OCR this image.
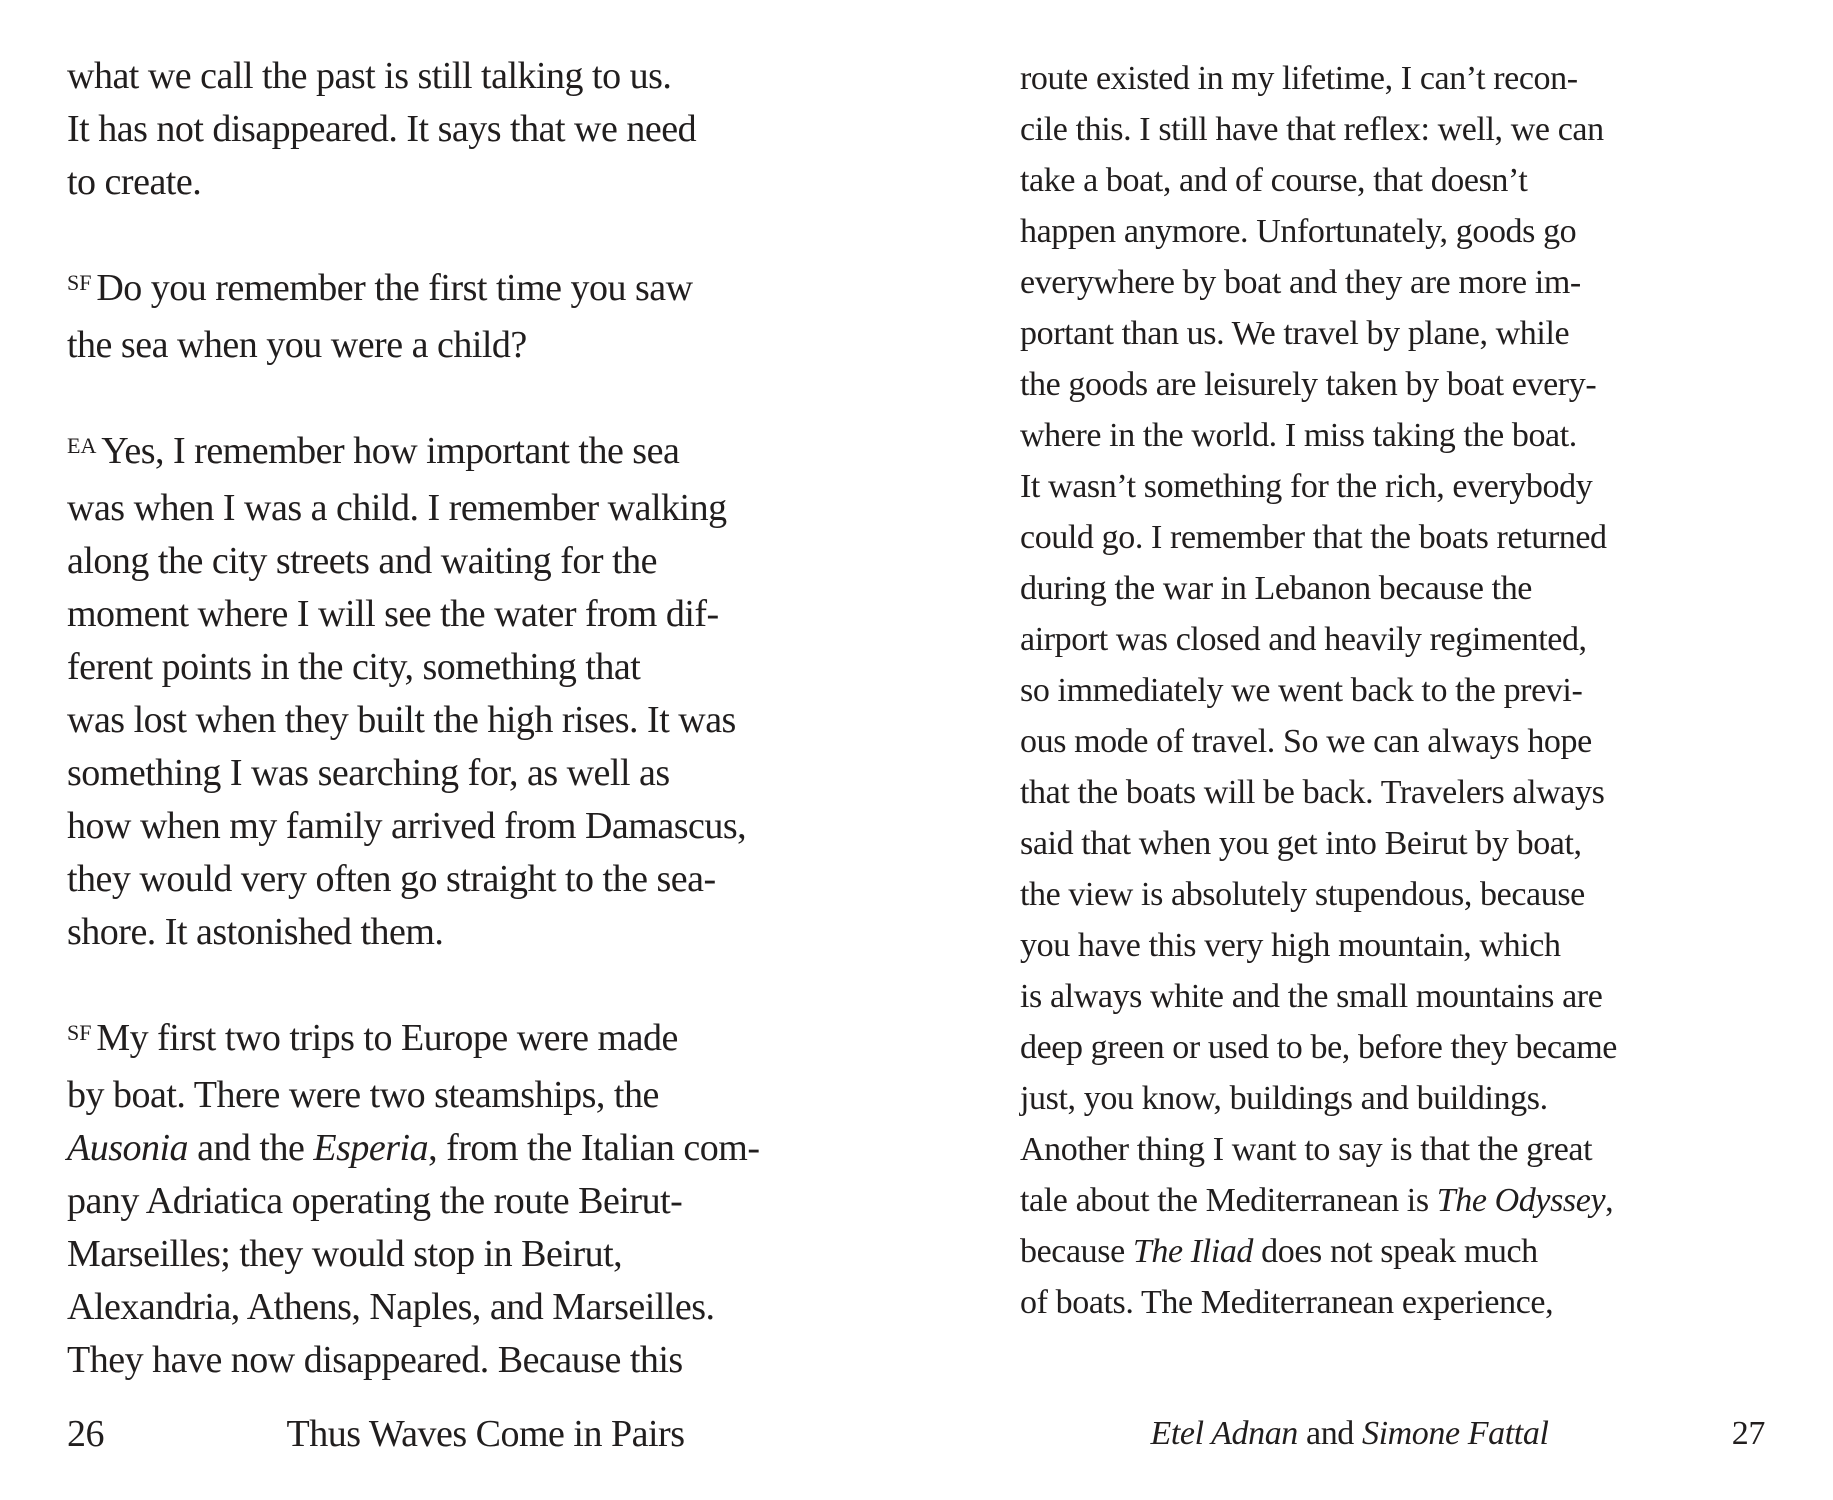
what we call the past is still talking to us.
It has not disappeared. It says that we need
to create.
$^{SF}$ Do you remember the first time you saw
the sea when you were a child?
$^{EA}$ Yes, I remember how important the sea
was when I was a child. I remember walking
along the city streets and waiting for the
moment where I will see the water from dif-
ferent points in the city, something that
was lost when they built the high rises. It was
something I was searching for, as well as
how when my family arrived from Damascus,
they would very often go straight to the sea-
shore. It astonished them.
$^{SF}$ My first two trips to Europe were made
by boat. There were two steamships, the
Ausonia and the Esperia, from the Italian com-
pany Adriatica operating the route Beirut-
Marseilles; they would stop in Beirut,
Alexandria, Athens, Naples, and Marseilles.
They have now disappeared. Because this
route existed in my lifetime, I can’t recon-
cile this. I still have that reflex: well, we can
take a boat, and of course, that doesn’t
happen anymore. Unfortunately, goods go
everywhere by boat and they are more im-
portant than us. We travel by plane, while
the goods are leisurely taken by boat every-
where in the world. I miss taking the boat.
It wasn’t something for the rich, everybody
could go. I remember that the boats returned
during the war in Lebanon because the
airport was closed and heavily regimented,
so immediately we went back to the previ-
ous mode of travel. So we can always hope
that the boats will be back. Travelers always
said that when you get into Beirut by boat,
the view is absolutely stupendous, because
you have this very high mountain, which
is always white and the small mountains are
deep green or used to be, before they became
just, you know, buildings and buildings.
Another thing I want to say is that the great
tale about the Mediterranean is The Odyssey,
because The Iliad does not speak much
of boats. The Mediterranean experience,
26	Thus Waves Come in Pairs	Etel Adnan and Simone Fattal	27
